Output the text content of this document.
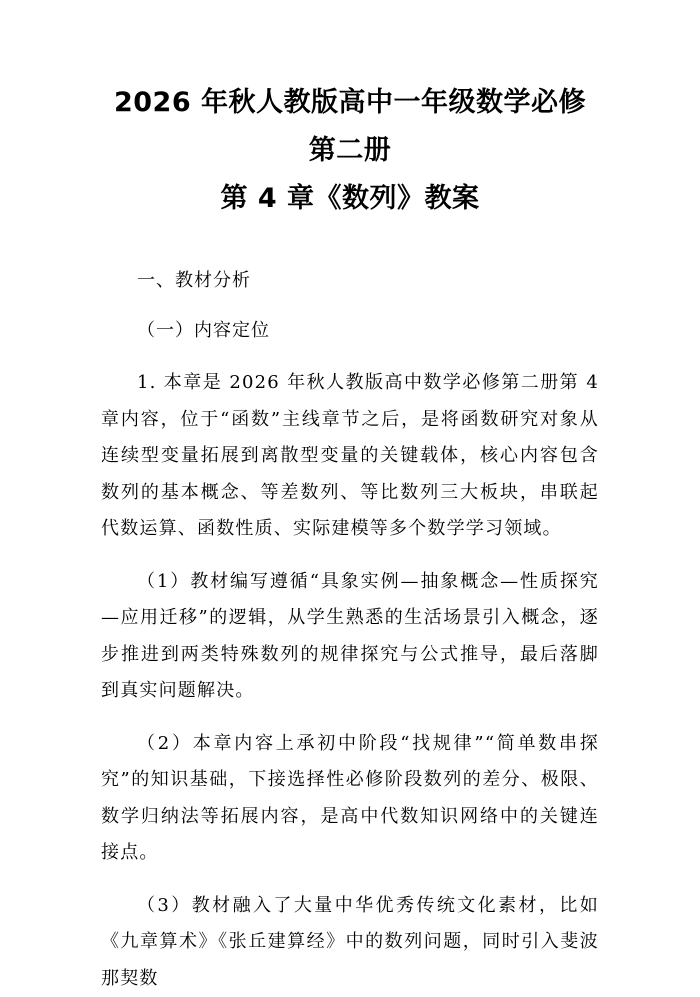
2026 年秋人教版高中一年级数学必修第二册
第 4 章《数列》教案

一、教材分析

（一）内容定位

1. 本章是 2026 年秋人教版高中数学必修第二册第 4 章内容，位于“函数”主线章节之后，是将函数研究对象从连续型变量拓展到离散型变量的关键载体，核心内容包含数列的基本概念、等差数列、等比数列三大板块，串联起代数运算、函数性质、实际建模等多个数学学习领域。

（1）教材编写遵循“具象实例—抽象概念—性质探究—应用迁移”的逻辑，从学生熟悉的生活场景引入概念，逐步推进到两类特殊数列的规律探究与公式推导，最后落脚到真实问题解决。

（2）本章内容上承初中阶段“找规律”“简单数串探究”的知识基础，下接选择性必修阶段数列的差分、极限、数学归纳法等拓展内容，是高中代数知识网络中的关键连接点。

（3）教材融入了大量中华优秀传统文化素材，比如《九章算术》《张丘建算经》中的数列问题，同时引入斐波那契数
